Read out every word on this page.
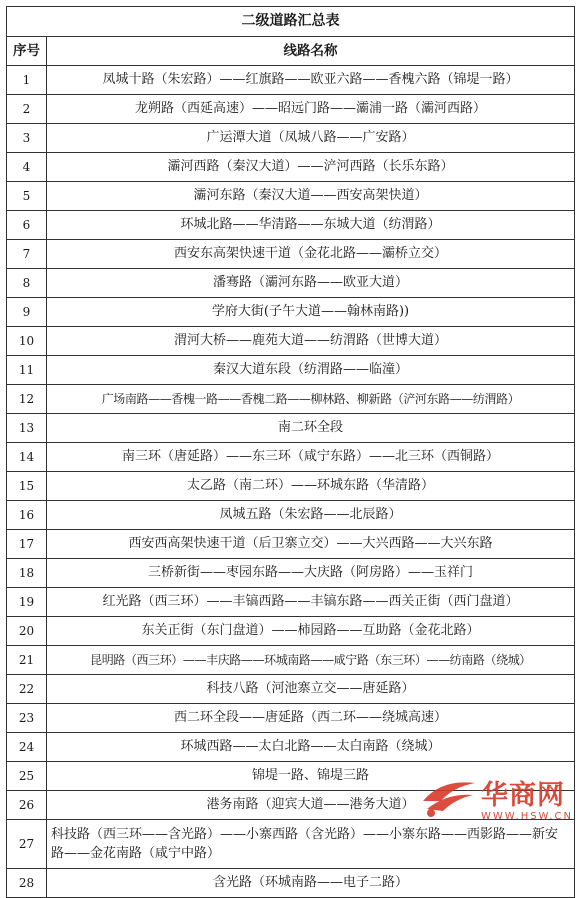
二级道路汇总表	
序号	线路名称
1	凤城十路（朱宏路）——红旗路——欧亚六路——香槐六路（锦堤一路）
2	龙朔路（西延高速）——昭远门路——灞浦一路（灞河西路）
3	广运潭大道（凤城八路——广安路）
4	灞河西路（秦汉大道）——浐河西路（长乐东路）
5	灞河东路（秦汉大道——西安高架快道）
6	环城北路——华清路——东城大道（纺渭路）
7	西安东高架快速干道（金花北路——灞桥立交）
8	潘骞路（灞河东路——欧亚大道）
9	学府大街(子午大道——翰林南路))
10	渭河大桥——鹿苑大道——纺渭路（世博大道）
11	秦汉大道东段（纺渭路——临潼）
12	广场南路——香槐一路——香槐二路——柳林路、柳新路（浐河东路——纺渭路）
13	南二环全段
14	南三环（唐延路）——东三环（咸宁东路）——北三环（西铜路）
15	太乙路（南二环）——环城东路（华清路）
16	凤城五路（朱宏路——北辰路）
17	西安西高架快速干道（后卫寨立交）——大兴西路——大兴东路
18	三桥新街——枣园东路——大庆路（阿房路）——玉祥门
19	红光路（西三环）——丰镐西路——丰镐东路——西关正街（西门盘道）
20	东关正街（东门盘道）——柿园路——互助路（金花北路）
21	昆明路（西三环）——丰庆路——环城南路——咸宁路（东三环）——纺南路（绕城）
22	科技八路（河池寨立交——唐延路）
23	西二环全段——唐延路（西二环——绕城高速）
24	环城西路——太白北路——太白南路（绕城）
25	锦堤一路、锦堤三路
26	港务南路（迎宾大道——港务大道）
27	科技路（西三环——含光路）——小寨西路（含光路）——小寨东路——西影路——新安路——金花南路（咸宁中路）
28	含光路（环城南路——电子二路）
华商网
WWW.HSW.CN
